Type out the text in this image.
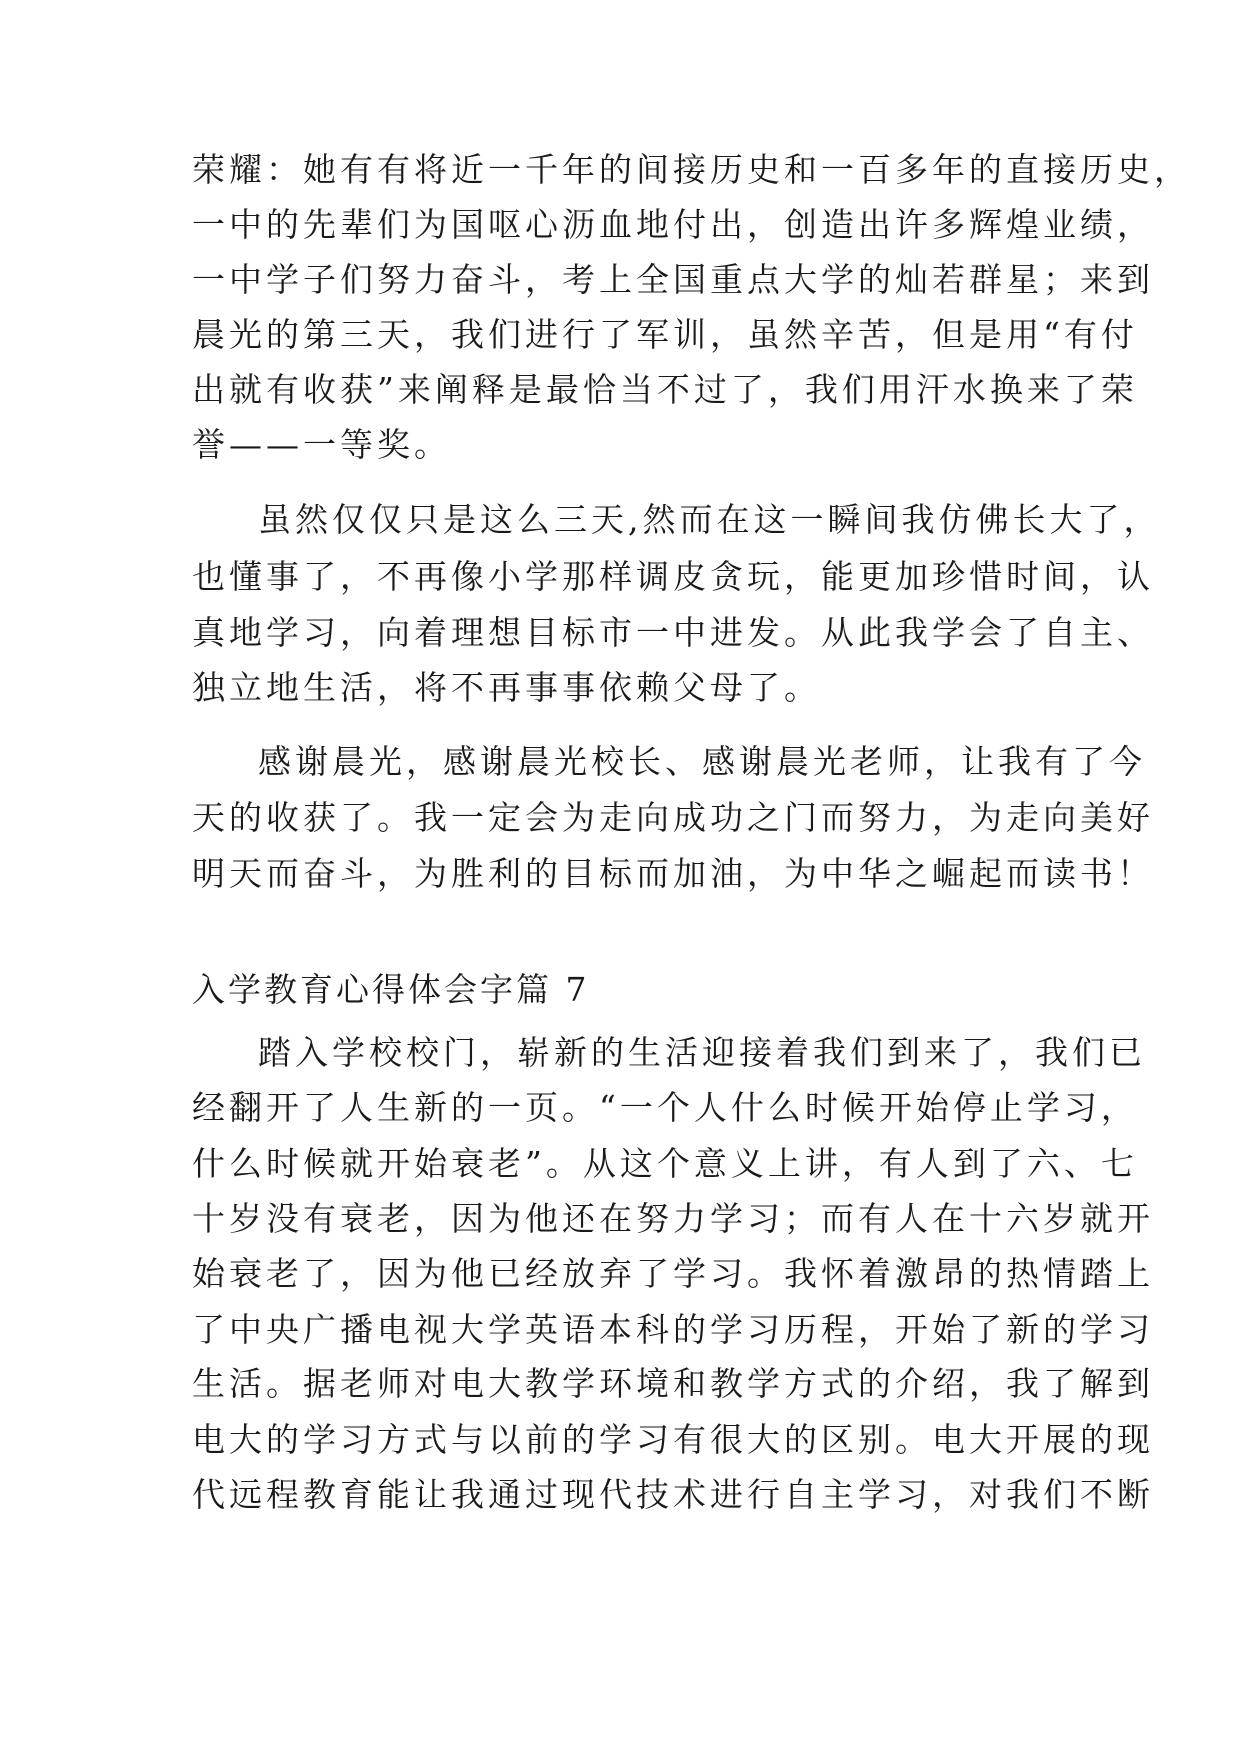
荣耀：她有有将近一千年的间接历史和一百多年的直接历史，
一中的先辈们为国呕心沥血地付出，创造出许多辉煌业绩，
一中学子们努力奋斗，考上全国重点大学的灿若群星；来到
晨光的第三天，我们进行了军训，虽然辛苦，但是用“有付
出就有收获”来阐释是最恰当不过了，我们用汗水换来了荣
誉——一等奖。
虽然仅仅只是这么三天,然而在这一瞬间我仿佛长大了，
也懂事了，不再像小学那样调皮贪玩，能更加珍惜时间，认
真地学习，向着理想目标市一中进发。从此我学会了自主、
独立地生活，将不再事事依赖父母了。
感谢晨光，感谢晨光校长、感谢晨光老师，让我有了今
天的收获了。我一定会为走向成功之门而努力，为走向美好
明天而奋斗，为胜利的目标而加油，为中华之崛起而读书！
入学教育心得体会字篇 7
踏入学校校门，崭新的生活迎接着我们到来了，我们已
经翻开了人生新的一页。“一个人什么时候开始停止学习，
什么时候就开始衰老”。从这个意义上讲，有人到了六、七
十岁没有衰老，因为他还在努力学习；而有人在十六岁就开
始衰老了，因为他已经放弃了学习。我怀着激昂的热情踏上
了中央广播电视大学英语本科的学习历程，开始了新的学习
生活。据老师对电大教学环境和教学方式的介绍，我了解到
电大的学习方式与以前的学习有很大的区别。电大开展的现
代远程教育能让我通过现代技术进行自主学习，对我们不断
